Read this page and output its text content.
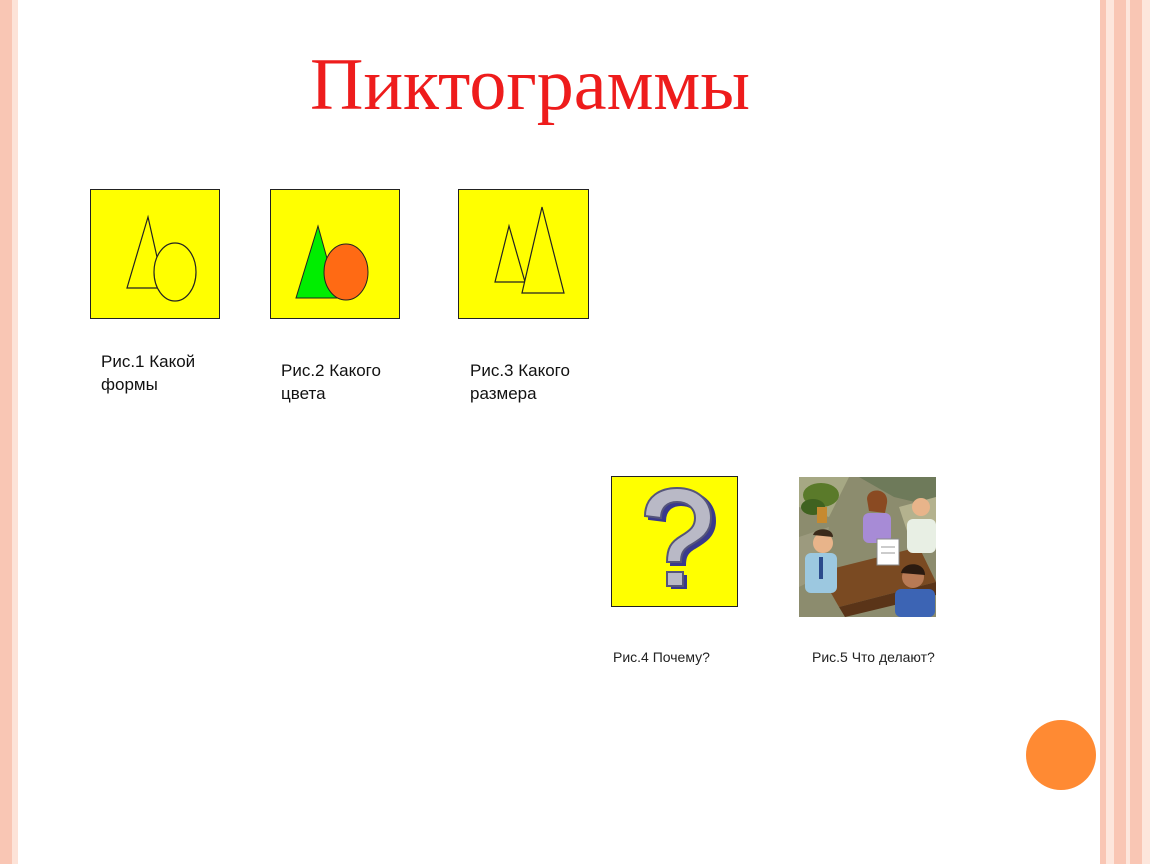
Пиктограммы
Рис.1 Какой
формы
Рис.2 Какого
цвета
Рис.3 Какого
размера
Рис.4 Почему?	Рис.5 Что делают?
